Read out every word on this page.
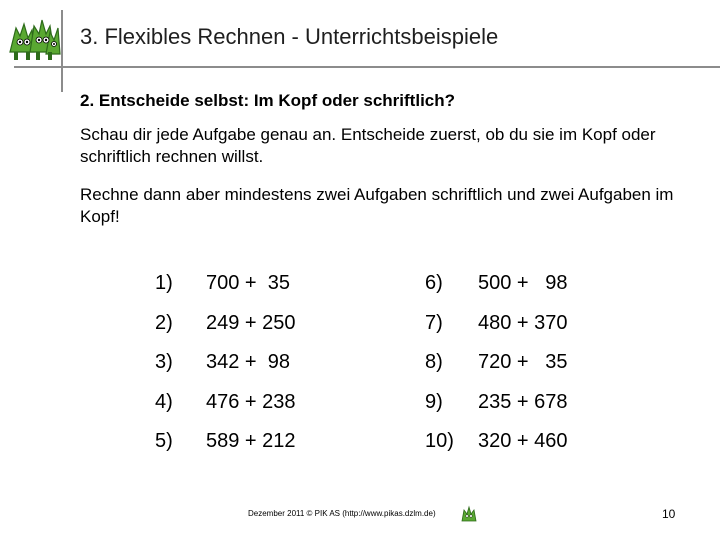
3. Flexibles Rechnen - Unterrichtsbeispiele
2. Entscheide selbst: Im Kopf oder schriftlich?
Schau dir jede Aufgabe genau an. Entscheide zuerst, ob du sie im Kopf oder schriftlich rechnen willst.
Rechne dann aber mindestens zwei Aufgaben schriftlich und zwei Aufgaben im Kopf!
1) 700 +  35	6) 500 +   98
2) 249 + 250	7) 480 + 370
3) 342 +  98	8) 720 +   35
4) 476 + 238	9) 235 + 678
5) 589 + 212	10) 320 + 460
Dezember 2011 © PIK AS (http://www.pikas.dzlm.de)	10
